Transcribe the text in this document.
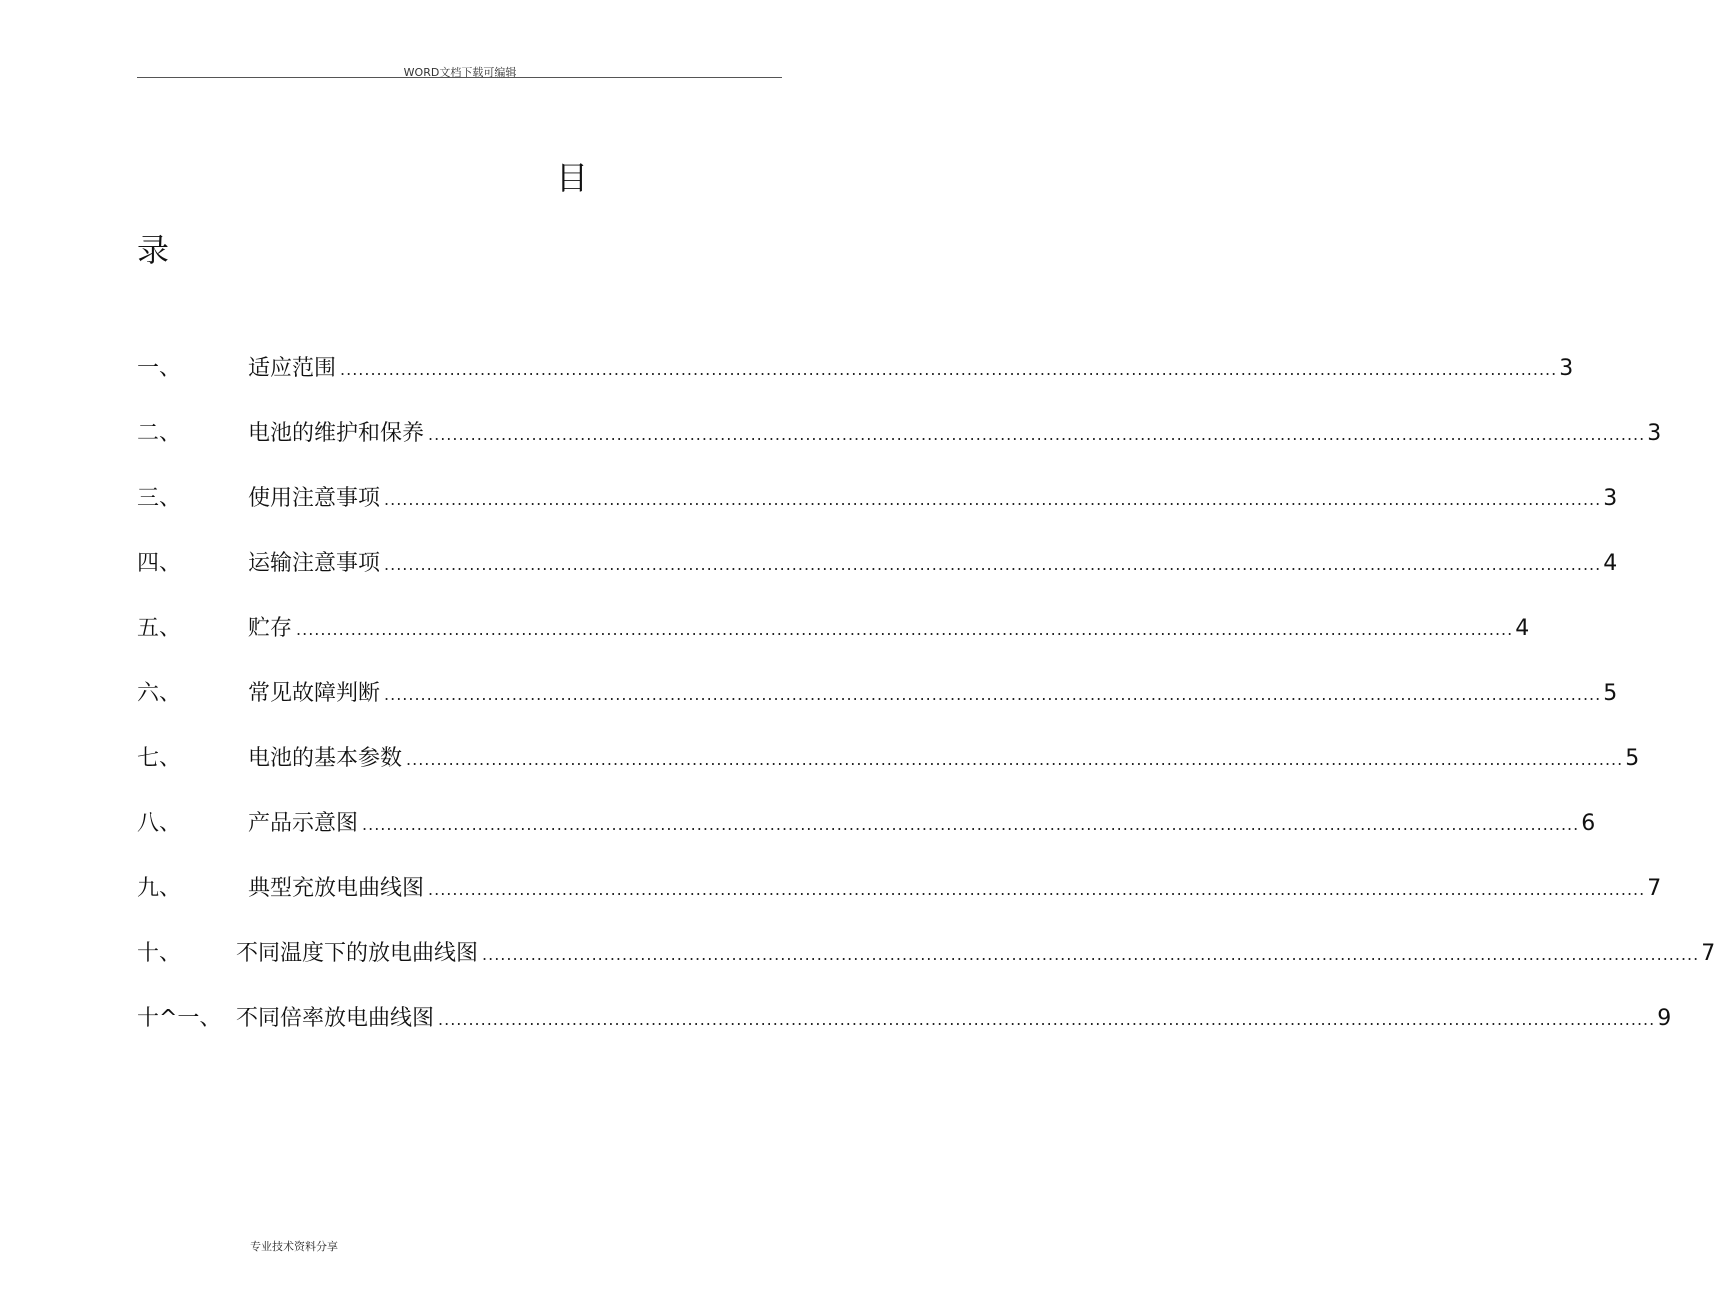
WORD文档下载可编辑
目
录
一、	适应范围 ........................................................................................................................................................................................................ 3
二、	电池的维护和保养 ........................................................................................................................................................................................................ 3
三、	使用注意事项 ........................................................................................................................................................................................................ 3
四、	运输注意事项 ........................................................................................................................................................................................................ 4
五、	贮存 ........................................................................................................................................................................................................ 4
六、	常见故障判断 ........................................................................................................................................................................................................ 5
七、	电池的基本参数 ........................................................................................................................................................................................................ 5
八、	产品示意图 ........................................................................................................................................................................................................ 6
九、	典型充放电曲线图 ........................................................................................................................................................................................................ 7
十、 不同温度下的放电曲线图 ........................................................................................................................................................................................................ 7
十^一、 不同倍率放电曲线图 ........................................................................................................................................................................................................ 9
专业技术资料分享
